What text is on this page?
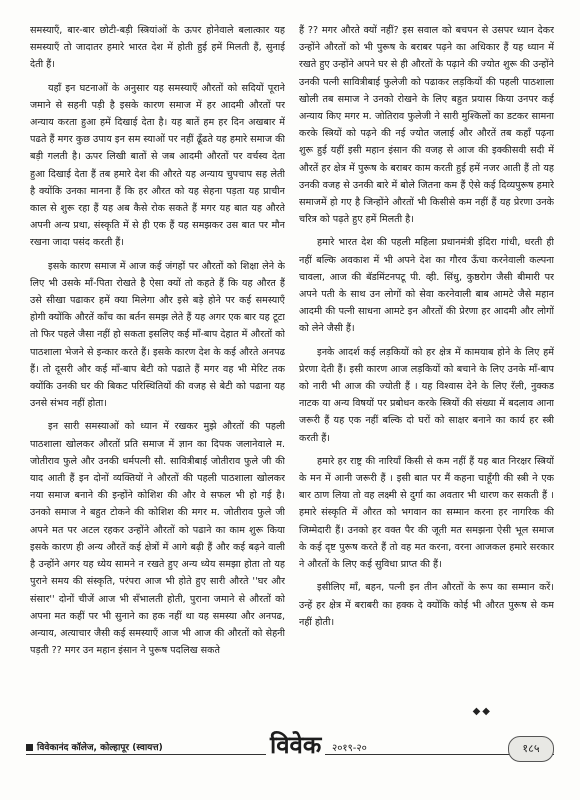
समस्याएँ, बार-बार छोटी-बड़ी स्त्रियांओं के ऊपर होनेवाले बलात्कार यह समस्याएँ तो जादातर हमारे भारत देश में होती हुई हमें मिलती हैं, सुनाई देती हैं।

यहाँ इन घटनाओं के अनुसार यह समस्याएँ औरतों को सदियों पूराने जमाने से सहनी पड़ी है इसके कारण समाज में हर आदमी औरतों पर अन्याय करता हुआ हमें दिखाई देता है। यह बातें हम हर दिन अखबार में पढते हैं मगर कुछ उपाय इन सम स्याओं पर नहीं ढूँढते यह हमारे समाज की बड़ी गलती है। ऊपर लिखी बातों से जब आदमी औरतों पर वर्चस्व देता हुआ दिखाई देता हैं तब हमारे देश की औरते यह अन्याय चुपचाप सह लेती है क्योंकि उनका मानना हैं कि हर औरत को यह सेहना पड़ता यह प्राचीन काल से शुरू रहा हैं यह अब कैसे रोक सकते हैं मगर यह बात यह औरते अपनी अन्य प्रथा, संस्कृति में से ही एक हैं यह समझकर उस बात पर मौन रखना जादा पसंद करती हैं।

इसके कारण समाज में आज कई जंगहों पर औरतों को शिक्षा लेने के लिए भी उसके माँ-पिता रोखते है ऐसा क्यों तो कहते हैं कि यह औरत हैं उसे सीखा पढाकर हमें क्या मिलेगा और इसे बड़े होने पर कई समस्याएँ होगी क्योंकि औरतें काँच का बर्तन समझ लेते हैं यह अगर एक बार यह टूटा तो फिर पहले जैसा नहीं हो सकता इसलिए कई माँ-बाप देहात में औरतों को पाठशाला भेजने से इन्कार करते हैं। इसके कारण देश के कई औरते अनपढ हैं। तो दूसरी और कई माँ-बाप बेटी को पढाते हैं मगर वह भी मेरिट तक क्योंकि उनकी घर की बिकट परिस्थितियों की वजह से बेटी को पढाना यह उनसे संभव नहीं होता।

इन सारी समस्याओं को ध्यान में रखकर मुझे औरतों की पहली पाठशाला खोलकर औरतों प्रति समाज में ज्ञान का दिपक जलानेवाले म. जोतीराव फुले और उनकी धर्मपत्नी सौ. सावित्रीबाई जोतीराव फुले जी की याद आती हैं इन दोनों व्यक्तियों ने औरतों की पहली पाठशाला खोलकर नया समाज बनाने की इन्होंने कोशिश की और वे सफल भी हो गई है। उनको समाज ने बहुत टोकने की कोशिश की मगर म. जोतीराव फुले जी अपने मत पर अटल रहकर उन्होंने औरतों को पढाने का काम शुरू किया इसके कारण ही अन्य औरतें कई क्षेत्रों में आगे बढ़ी हैं और कई बढ़ने वाली है उन्होंने अगर यह ध्येय सामने न रखते हुए अन्य ध्येय समझा होता तो यह पुराने समय की संस्कृति, परंपरा आज भी होते हुए सारी औरते ''घर और संसार'' दोनों चीजें आज भी सँभालती होती, पुराना जमाने से औरतों को अपना मत कहीं पर भी सुनाने का हक नहीं था यह समस्या और अनपढ, अन्याय, अत्याचार जैसी कई समस्याएँ आज भी आज की औरतों को सेहनी पड़ती ?? मगर उन महान इंसान ने पुरूष पदलिख सकते

हैं ?? मगर औरते क्यों नहीं? इस सवाल को बचपन से उसपर ध्यान देकर उन्होंने औरतों को भी पुरूष के बराबर पढ़ने का अधिकार हैं यह ध्यान में रखते हुए उन्होंने अपने घर से ही औरतों के पढ़ाने की ज्योत शुरू की उन्होंने उनकी पत्नी सावित्रीबाई फुलेजी को पढाकर लड़कियों की पहली पाठशाला खोली तब समाज ने उनको रोखने के लिए बहुत प्रयास किया उनपर कई अन्याय किए मगर म. जोतिराव फुलेजी ने सारी मुश्किलों का डटकर सामना करके स्त्रियों को पढ़ने की नई ज्योत जलाई और औरतें तब कहाँ पढ़ना शुरू हुई यहीं इसी महान इंसान की वजह से आज की इक्कीसवी सदी में औरतें हर क्षेत्र में पुरूष के बराबर काम करती हुई हमें नजर आती हैं तो यह उनकी वजह से उनकी बारे में बोले जितना कम हैं ऐसे कई दिव्यपुरूष हमारे समाजमें हो गए है जिन्होंने औरतों भी किसीसे कम नहीं हैं यह प्रेरणा उनके चरित्र को पढ़ते हुए हमें मिलती है।

हमारे भारत देश की पहली महिला प्रधानमंत्री इंदिरा गांधी, धरती ही नहीं बल्कि अवकाश में भी अपने देश का गौरव ऊँचा करनेवाली कल्पना चावला, आज की बॅडमिंटनपटू पी. व्ही. सिंधु, कुष्ठरोग जैसी बीमारी पर अपने पती के साथ उन लोगों को सेवा करनेवाली बाब आमटे जैसे महान आदमी की पत्नी साधना आमटे इन औरतों की प्रेरणा हर आदमी और लोगों को लेने जैसी हैं।

इनके आदर्श कई लड़कियों को हर क्षेत्र में कामयाब होने के लिए हमें प्रेरणा देती हैं। इसी कारण आज लड़कियों को बचाने के लिए उनके माँ-बाप को नारी भी आज की ज्योती हैं । यह विश्वास देने के लिए रॅली, नुक्कड नाटक या अन्य विषयों पर प्रबोधन करके स्त्रियों की संख्या में बदलाव आना जरूरी हैं यह एक नहीं बल्कि दो घरों को साक्षर बनाने का कार्य हर स्त्री करती हैं।

हमारे हर राष्ट्र की नारियाँ किसी से कम नहीं हैं यह बात निरक्षर स्त्रियों के मन में आनी जरूरी हैं । इसी बात पर मैं कहना चाहूँगी की स्त्री ने एक बार ठाण लिया तो वह लक्ष्मी से दुर्गा का अवतार भी धारण कर सकती हैं । हमारे संस्कृति में औरत को भगवान का सम्मान करना हर नागरिक की जिम्मेदारी हैं। उनको हर वक्त पैर की जूती मत समझना ऐसी भूल समाज के कई दृष्ट पुरूष करते हैं तो वह मत करना, वरना आजकल हमारे सरकार ने औरतों के लिए कई सुविधा प्राप्त की हैं।

इसीलिए माँ, बहन, पत्नी इन तीन औरतों के रूप का सम्मान करें। उन्हें हर क्षेत्र में बराबरी का हक्क दे क्योंकि कोई भी औरत पुरूष से कम नहीं होती।

◆◆
विवेकानंद कॉलेज, कोल्हापूर (स्वायत्त)	विवेक	२०१९-२०	१८५
